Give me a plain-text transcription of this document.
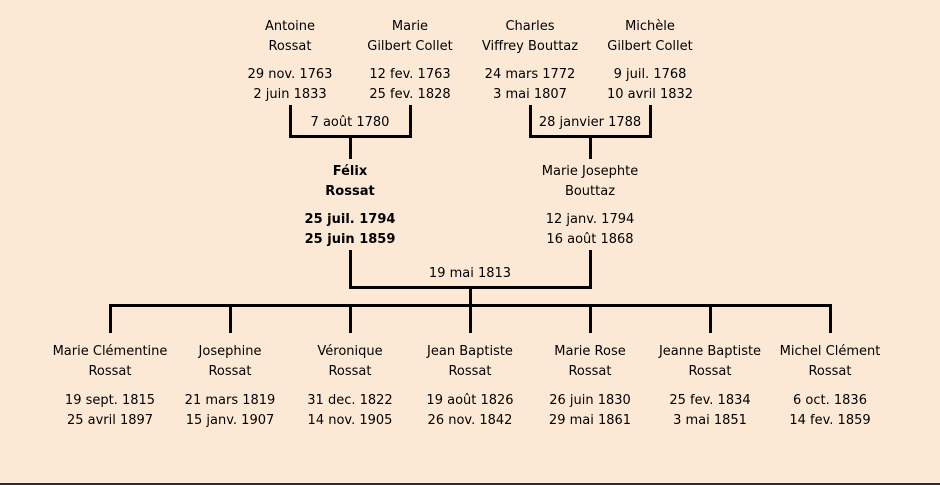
Antoine
Rossat
29 nov. 1763
2 juin 1833
Marie
Gilbert Collet
12 fev. 1763
25 fev. 1828
Charles
Viffrey Bouttaz
24 mars 1772
3 mai 1807
Michèle
Gilbert Collet
9 juil. 1768
10 avril 1832
7 août 1780	28 janvier 1788
Félix
Rossat
25 juil. 1794
25 juin 1859
Marie Josephte
Bouttaz
12 janv. 1794
16 août 1868
19 mai 1813
Marie Clémentine
Rossat
19 sept. 1815
25 avril 1897
Josephine
Rossat
21 mars 1819
15 janv. 1907
Véronique
Rossat
31 dec. 1822
14 nov. 1905
Jean Baptiste
Rossat
19 août 1826
26 nov. 1842
Marie Rose
Rossat
26 juin 1830
29 mai 1861
Jeanne Baptiste
Rossat
25 fev. 1834
3 mai 1851
Michel Clément
Rossat
6 oct. 1836
14 fev. 1859
